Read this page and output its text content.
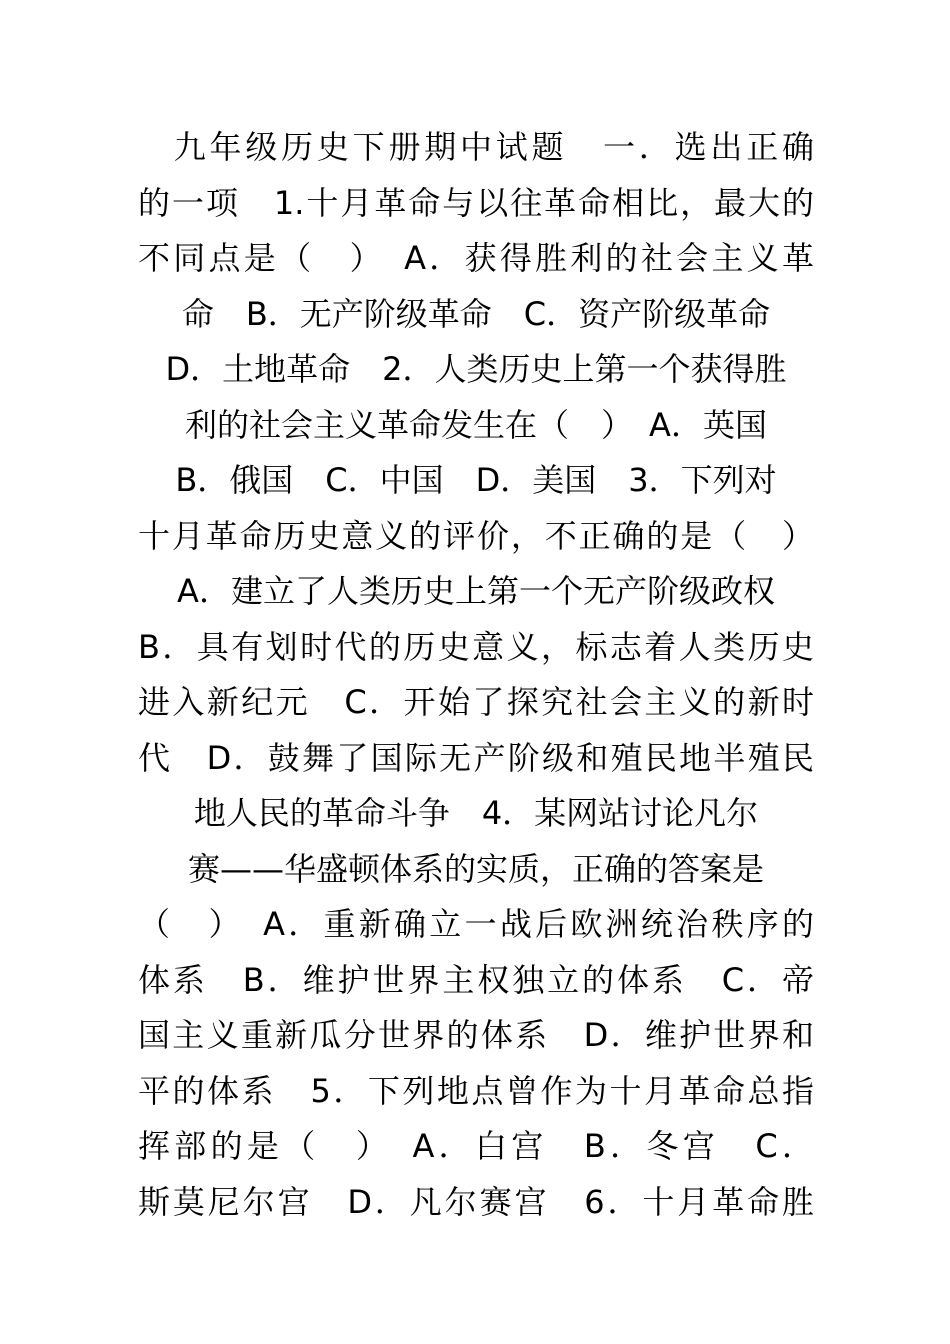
　九年级历史下册期中试题　一．选出正确
的一项　1.十月革命与以往革命相比，最大的
不同点是（　）　A．获得胜利的社会主义革
命　B．无产阶级革命　C．资产阶级革命
D．土地革命　2．人类历史上第一个获得胜
利的社会主义革命发生在（　）　A．英国
B．俄国　C．中国　D．美国　3．下列对
十月革命历史意义的评价，不正确的是（　）
A．建立了人类历史上第一个无产阶级政权
B．具有划时代的历史意义，标志着人类历史
进入新纪元　C．开始了探究社会主义的新时
代　D．鼓舞了国际无产阶级和殖民地半殖民
地人民的革命斗争　4．某网站讨论凡尔
赛——华盛顿体系的实质，正确的答案是
（　）　A．重新确立一战后欧洲统治秩序的
体系　B．维护世界主权独立的体系　C．帝
国主义重新瓜分世界的体系　D．维护世界和
平的体系　5．下列地点曾作为十月革命总指
挥部的是（　）　A．白宫　B．冬宫　C．
斯莫尼尔宫　D．凡尔赛宫　6．十月革命胜
